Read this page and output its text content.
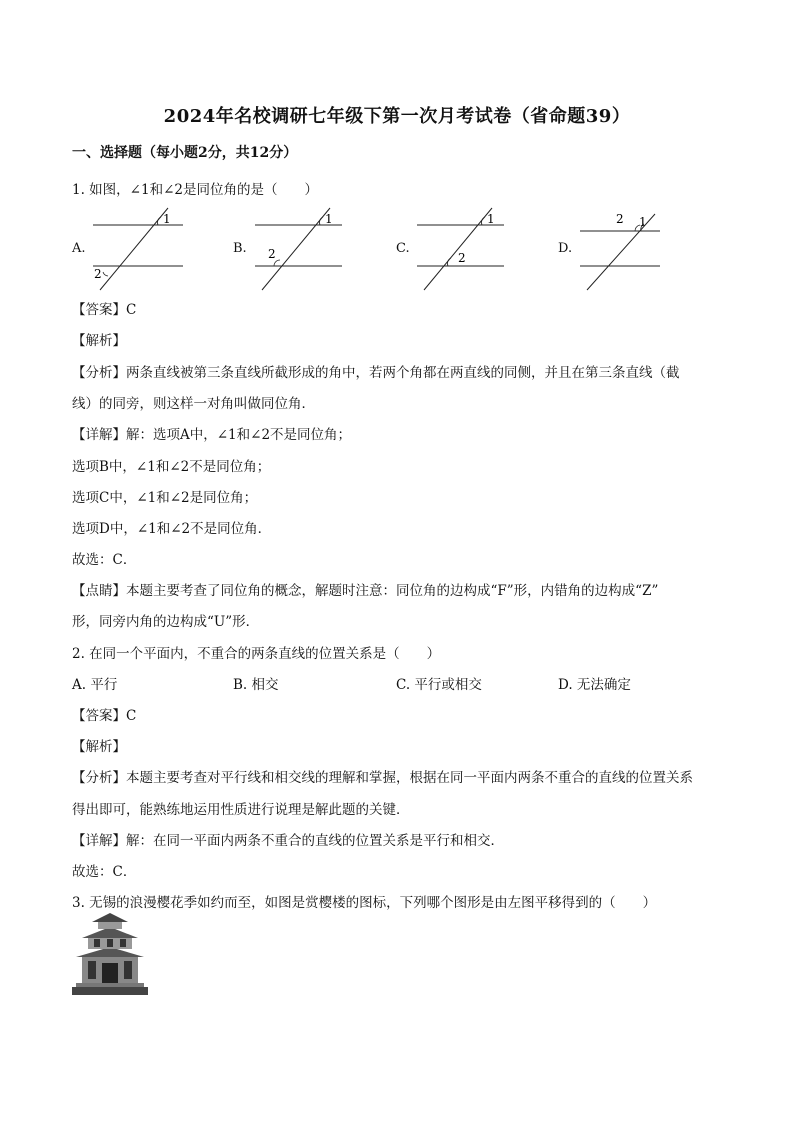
2024年名校调研七年级下第一次月考试卷（省命题39）
一、选择题（每小题2分，共12分）
1. 如图，∠1和∠2是同位角的是（　　）
A.
1
2
B.
1
2	C.
1
2
D.
1
2
【答案】C
【解析】
【分析】两条直线被第三条直线所截形成的角中，若两个角都在两直线的同侧，并且在第三条直线（截
线）的同旁，则这样一对角叫做同位角．
【详解】解：选项A中，∠1和∠2不是同位角；
选项B中，∠1和∠2不是同位角；
选项C中，∠1和∠2是同位角；
选项D中，∠1和∠2不是同位角．
故选：C．
【点睛】本题主要考查了同位角的概念，解题时注意：同位角的边构成“F”形，内错角的边构成“Z”
形，同旁内角的边构成“U”形．
2. 在同一个平面内，不重合的两条直线的位置关系是（　　）
A. 平行	B. 相交	C. 平行或相交	D. 无法确定
【答案】C
【解析】
【分析】本题主要考查对平行线和相交线的理解和掌握，根据在同一平面内两条不重合的直线的位置关系
得出即可，能熟练地运用性质进行说理是解此题的关键．
【详解】解：在同一平面内两条不重合的直线的位置关系是平行和相交．
故选：C．
3. 无锡的浪漫樱花季如约而至，如图是赏樱楼的图标，下列哪个图形是由左图平移得到的（　　）
